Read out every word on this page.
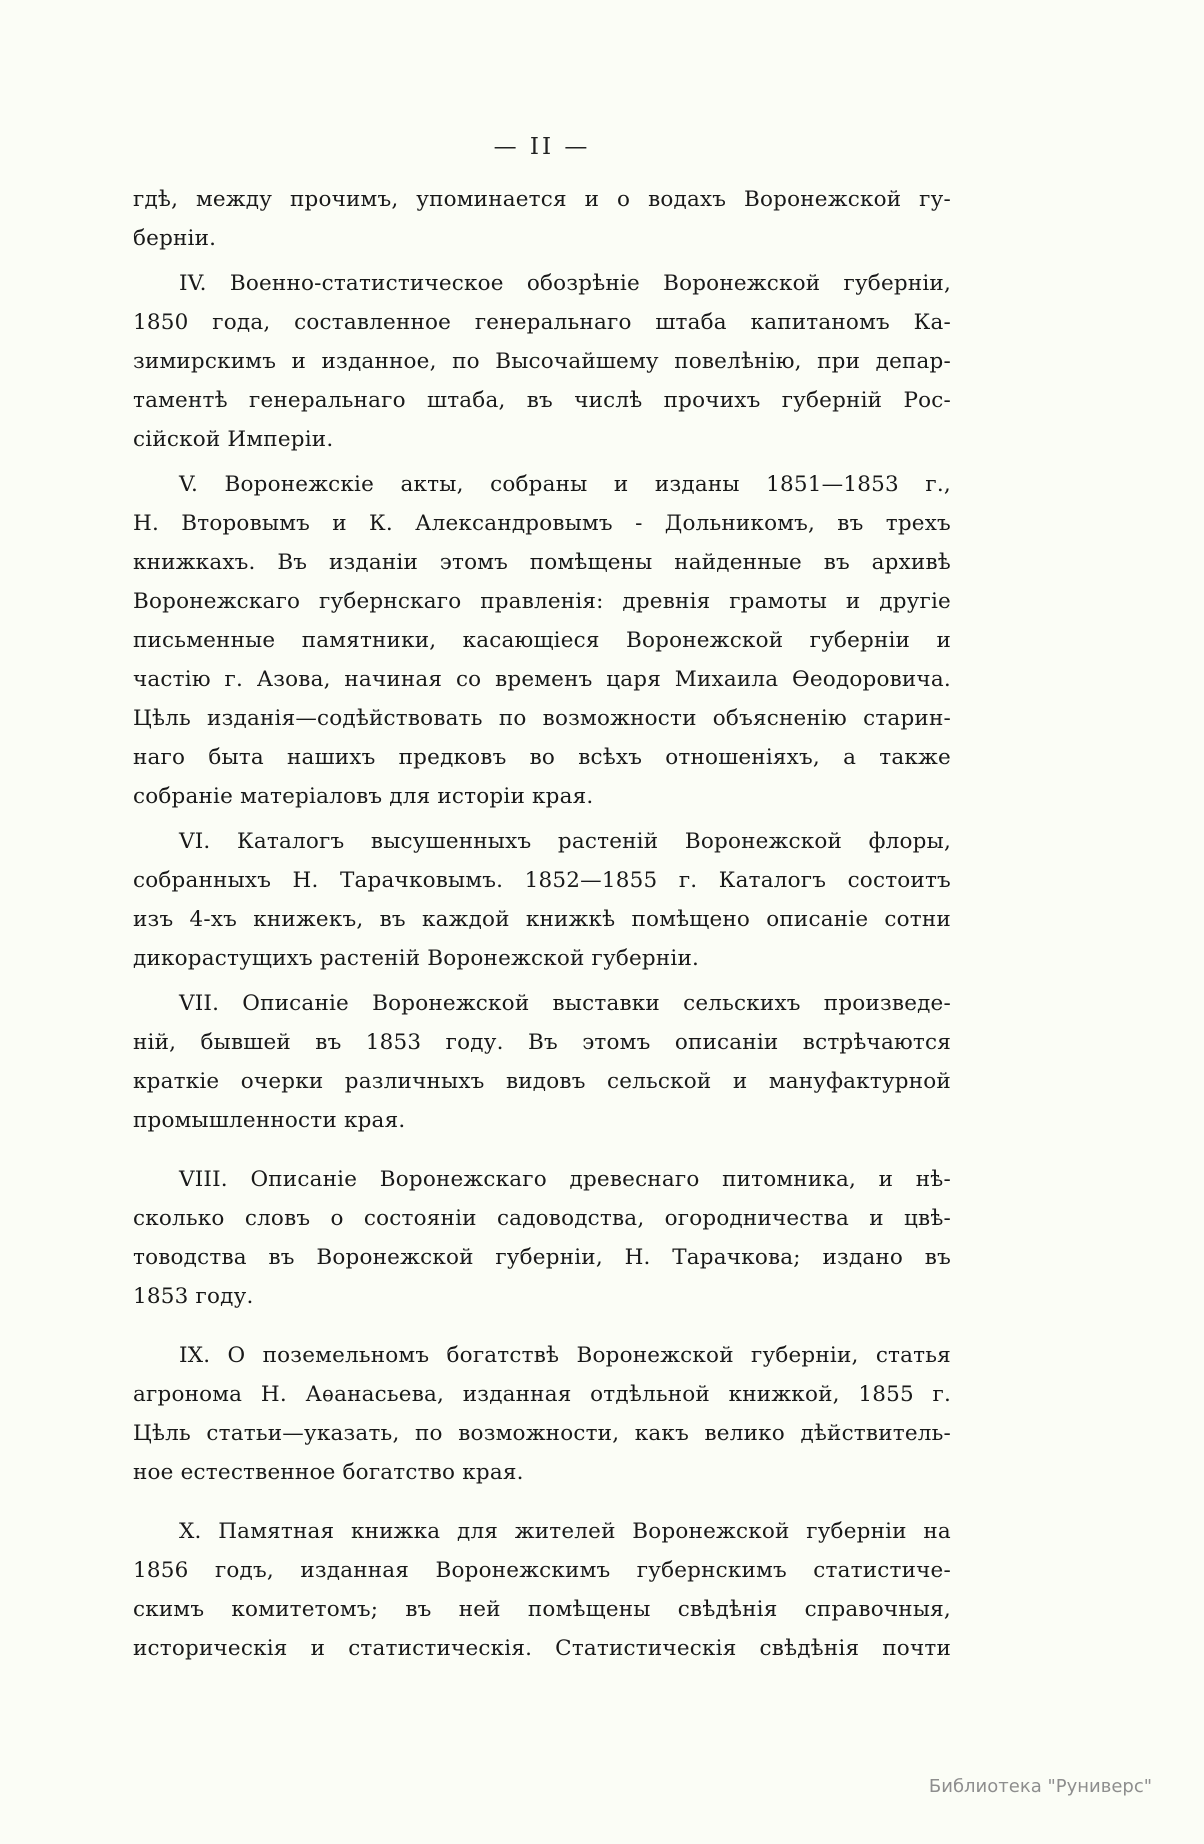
— II —
гдѣ, между прочимъ, упоминается и о водахъ Воронежской гу-
берніи.
IV. Военно-статистическое обозрѣніе Воронежской губерніи,
1850 года, составленное генеральнаго штаба капитаномъ Ка-
зимирскимъ и изданное, по Высочайшему повелѣнію, при депар-
таментѣ генеральнаго штаба, въ числѣ прочихъ губерній Рос-
сійской Имперіи.
V. Воронежскіе акты, собраны и изданы 1851—1853 г.,
Н. Второвымъ и К. Александровымъ - Дольникомъ, въ трехъ
книжкахъ. Въ изданіи этомъ помѣщены найденные въ архивѣ
Воронежскаго губернскаго правленія: древнія грамоты и другіе
письменные памятники, касающіеся Воронежской губерніи и
частію г. Азова, начиная со временъ царя Михаила Ѳеодоровича.
Цѣль изданія—содѣйствовать по возможности объясненію старин-
наго быта нашихъ предковъ во всѣхъ отношеніяхъ, а также
собраніе матеріаловъ для исторіи края.
VI. Каталогъ высушенныхъ растеній Воронежской флоры,
собранныхъ Н. Тарачковымъ. 1852—1855 г. Каталогъ состоитъ
изъ 4-хъ книжекъ, въ каждой книжкѣ помѣщено описаніе сотни
дикорастущихъ растеній Воронежской губерніи.
VII. Описаніе Воронежской выставки сельскихъ произведе-
ній, бывшей въ 1853 году. Въ этомъ описаніи встрѣчаются
краткіе очерки различныхъ видовъ сельской и мануфактурной
промышленности края.
VIII. Описаніе Воронежскаго древеснаго питомника, и нѣ-
сколько словъ о состояніи садоводства, огородничества и цвѣ-
товодства въ Воронежской губерніи, Н. Тарачкова; издано въ
1853 году.
IX. О поземельномъ богатствѣ Воронежской губерніи, статья
агронома Н. Аѳанасьева, изданная отдѣльной книжкой, 1855 г.
Цѣль статьи—указать, по возможности, какъ велико дѣйствитель-
ное естественное богатство края.
X. Памятная книжка для жителей Воронежской губерніи на
1856 годъ, изданная Воронежскимъ губернскимъ статистиче-
скимъ комитетомъ; въ ней помѣщены свѣдѣнія справочныя,
историческія и статистическія. Статистическія свѣдѣнія почти
Библиотека "Руниверс"
